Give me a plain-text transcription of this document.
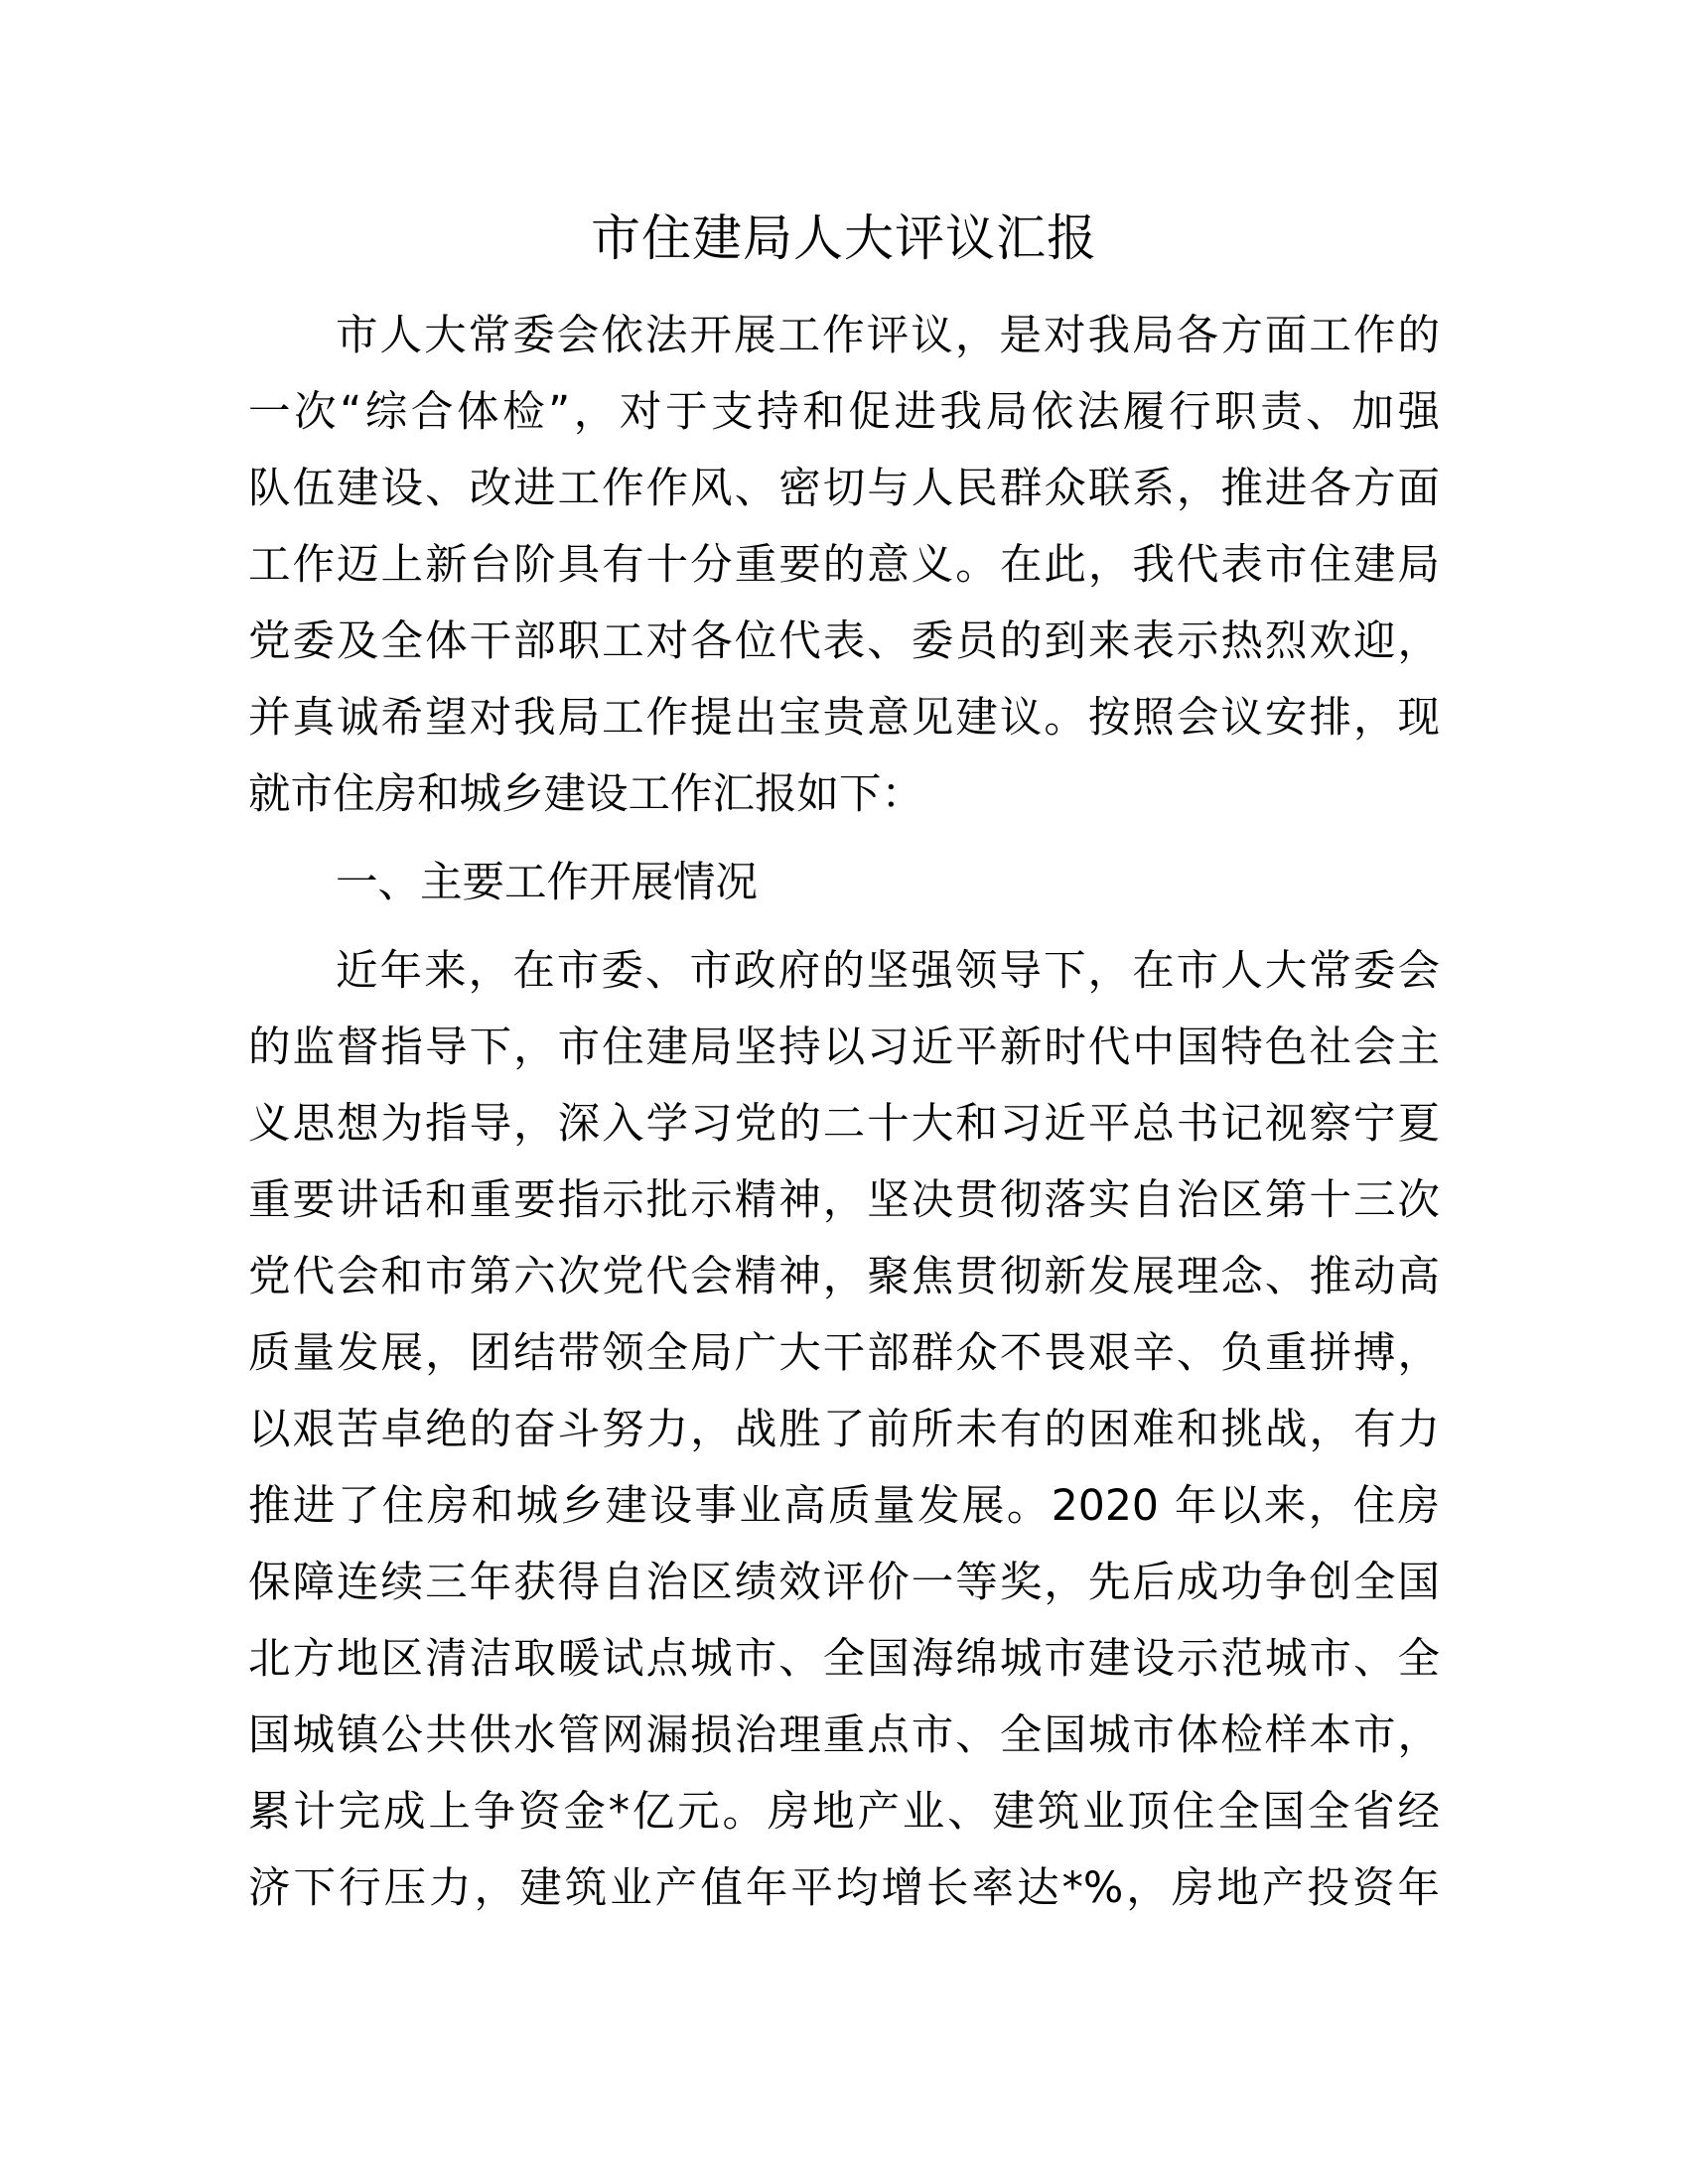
市住建局人大评议汇报
市人大常委会依法开展工作评议，是对我局各方面工作的
一次“综合体检”，对于支持和促进我局依法履行职责、加强
队伍建设、改进工作作风、密切与人民群众联系，推进各方面
工作迈上新台阶具有十分重要的意义。在此，我代表市住建局
党委及全体干部职工对各位代表、委员的到来表示热烈欢迎，
并真诚希望对我局工作提出宝贵意见建议。按照会议安排，现
就市住房和城乡建设工作汇报如下：
一、主要工作开展情况
近年来，在市委、市政府的坚强领导下，在市人大常委会
的监督指导下，市住建局坚持以习近平新时代中国特色社会主
义思想为指导，深入学习党的二十大和习近平总书记视察宁夏
重要讲话和重要指示批示精神，坚决贯彻落实自治区第十三次
党代会和市第六次党代会精神，聚焦贯彻新发展理念、推动高
质量发展，团结带领全局广大干部群众不畏艰辛、负重拼搏，
以艰苦卓绝的奋斗努力，战胜了前所未有的困难和挑战，有力
推进了住房和城乡建设事业高质量发展。2020 年以来，住房
保障连续三年获得自治区绩效评价一等奖，先后成功争创全国
北方地区清洁取暖试点城市、全国海绵城市建设示范城市、全
国城镇公共供水管网漏损治理重点市、全国城市体检样本市，
累计完成上争资金*亿元。房地产业、建筑业顶住全国全省经
济下行压力，建筑业产值年平均增长率达*%，房地产投资年
